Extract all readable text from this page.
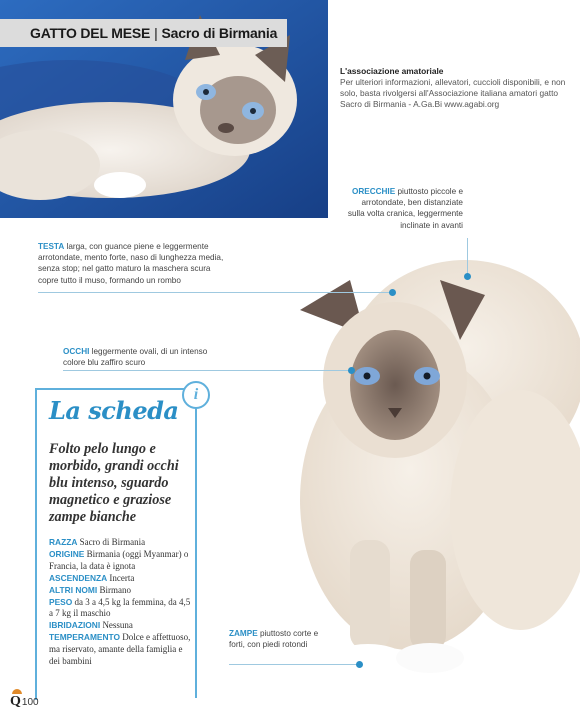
GATTO DEL MESE | Sacro di Birmania
L'associazione amatoriale
Per ulteriori informazioni, allevatori, cuccioli disponibili, e non solo, basta rivolgersi all'Associazione italiana amatori gatto Sacro di Birmania - A.Ga.Bi www.agabi.org
ORECCHIE piuttosto piccole e arrotondate, ben distanziate sulla volta cranica, leggermente inclinate in avanti
TESTA larga, con guance piene e leggermente arrotondate, mento forte, naso di lunghezza media, senza stop; nel gatto maturo la maschera scura copre tutto il muso, formando un rombo
OCCHI leggermente ovali, di un intenso colore blu zaffiro scuro
ZAMPE piuttosto corte e forti, con piedi rotondi
i
La scheda
Folto pelo lungo e morbido, grandi occhi blu intenso, sguardo magnetico e graziose zampe bianche
RAZZA Sacro di Birmania
ORIGINE Birmania (oggi Myanmar) o Francia, la data è ignota
ASCENDENZA Incerta
ALTRI NOMI Birmano
PESO da 3 a 4,5 kg la femmina, da 4,5 a 7 kg il maschio
IBRIDAZIONI Nessuna
TEMPERAMENTO Dolce e affettuoso, ma riservato, amante della famiglia e dei bambini
Q 100
